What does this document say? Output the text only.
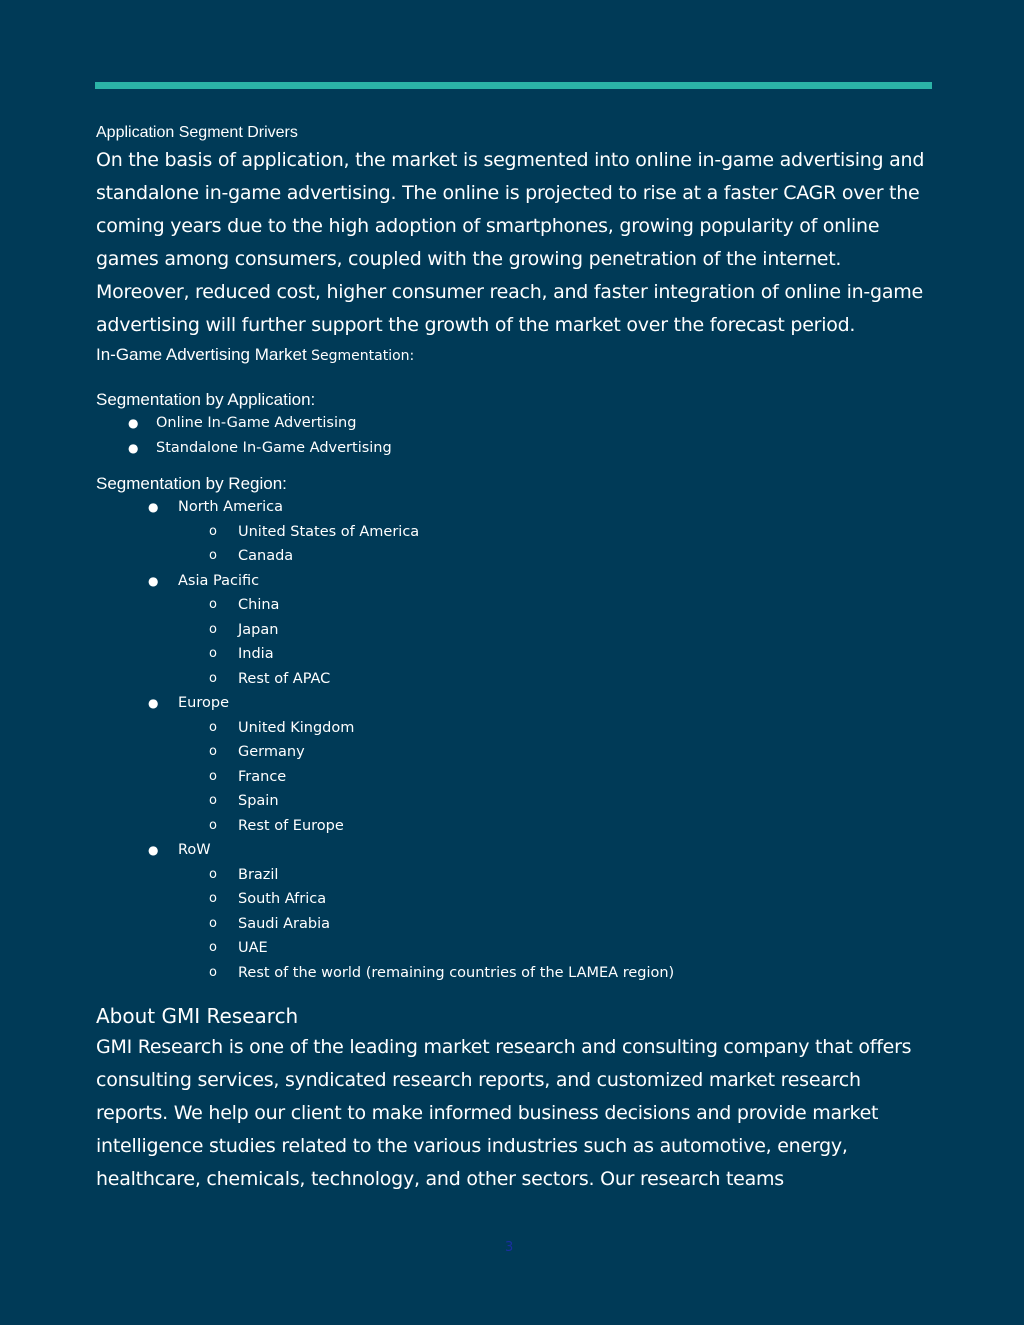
Application Segment Drivers

On the basis of application, the market is segmented into online in-game advertising and standalone in-game advertising. The online is projected to rise at a faster CAGR over the coming years due to the high adoption of smartphones, growing popularity of online games among consumers, coupled with the growing penetration of the internet. Moreover, reduced cost, higher consumer reach, and faster integration of online in-game advertising will further support the growth of the market over the forecast period.

In-Game Advertising Market Segmentation:

Segmentation by Application:

● Online In-Game Advertising
● Standalone In-Game Advertising

Segmentation by Region:

● North America
o United States of America
o Canada
● Asia Pacific
o China
o Japan
o India
o Rest of APAC
● Europe
o United Kingdom
o Germany
o France
o Spain
o Rest of Europe
● RoW
o Brazil
o South Africa
o Saudi Arabia
o UAE
o Rest of the world (remaining countries of the LAMEA region)

About GMI Research

GMI Research is one of the leading market research and consulting company that offers consulting services, syndicated research reports, and customized market research reports. We help our client to make informed business decisions and provide market intelligence studies related to the various industries such as automotive, energy, healthcare, chemicals, technology, and other sectors. Our research teams

3
